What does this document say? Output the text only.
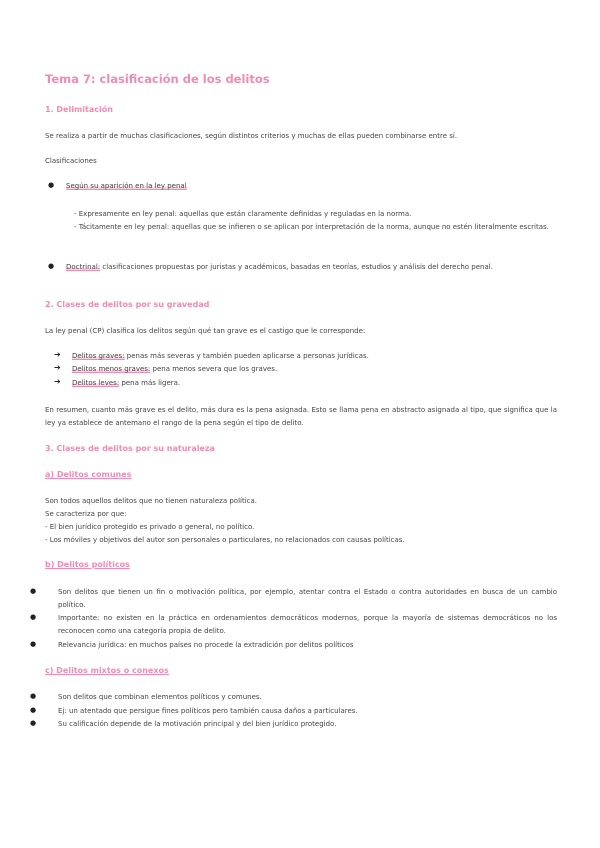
Tema 7: clasificación de los delitos
1. Delimitación
Se realiza a partir de muchas clasificaciones, según distintos criterios y muchas de ellas pueden combinarse entre sí.
Clasificaciones
● Según su aparición en la ley penal
- Expresamente en ley penal: aquellas que están claramente definidas y reguladas en la norma.
- Tácitamente en ley penal: aquellas que se infieren o se aplican por interpretación de la norma, aunque no estén literalmente escritas.
● Doctrinal: clasificaciones propuestas por juristas y académicos, basadas en teorías, estudios y análisis del derecho penal.
2. Clases de delitos por su gravedad
La ley penal (CP) clasifica los delitos según qué tan grave es el castigo que le corresponde:
➔ Delitos graves: penas más severas y también pueden aplicarse a personas jurídicas.
➔ Delitos menos graves: pena menos severa que los graves.
➔ Delitos leves: pena más ligera.
En resumen, cuanto más grave es el delito, más dura es la pena asignada. Esto se llama pena en abstracto asignada al tipo, que significa que la ley ya establece de antemano el rango de la pena según el tipo de delito.
3. Clases de delitos por su naturaleza
a) Delitos comunes
Son todos aquellos delitos que no tienen naturaleza política.
Se caracteriza por que:
- El bien jurídico protegido es privado o general, no político.
- Los móviles y objetivos del autor son personales o particulares, no relacionados con causas políticas.
b) Delitos políticos
●	Son delitos que tienen un fin o motivación política, por ejemplo, atentar contra el Estado o contra autoridades en busca de un cambio político.
●	Importante: no existen en la práctica en ordenamientos democráticos modernos, porque la mayoría de sistemas democráticos no los reconocen como una categoría propia de delito.
●	Relevancia jurídica: en muchos países no procede la extradición por delitos políticos
c) Delitos mixtos o conexos
●	Son delitos que combinan elementos políticos y comunes.
●	Ej: un atentado que persigue fines políticos pero también causa daños a particulares.
●	Su calificación depende de la motivación principal y del bien jurídico protegido.
